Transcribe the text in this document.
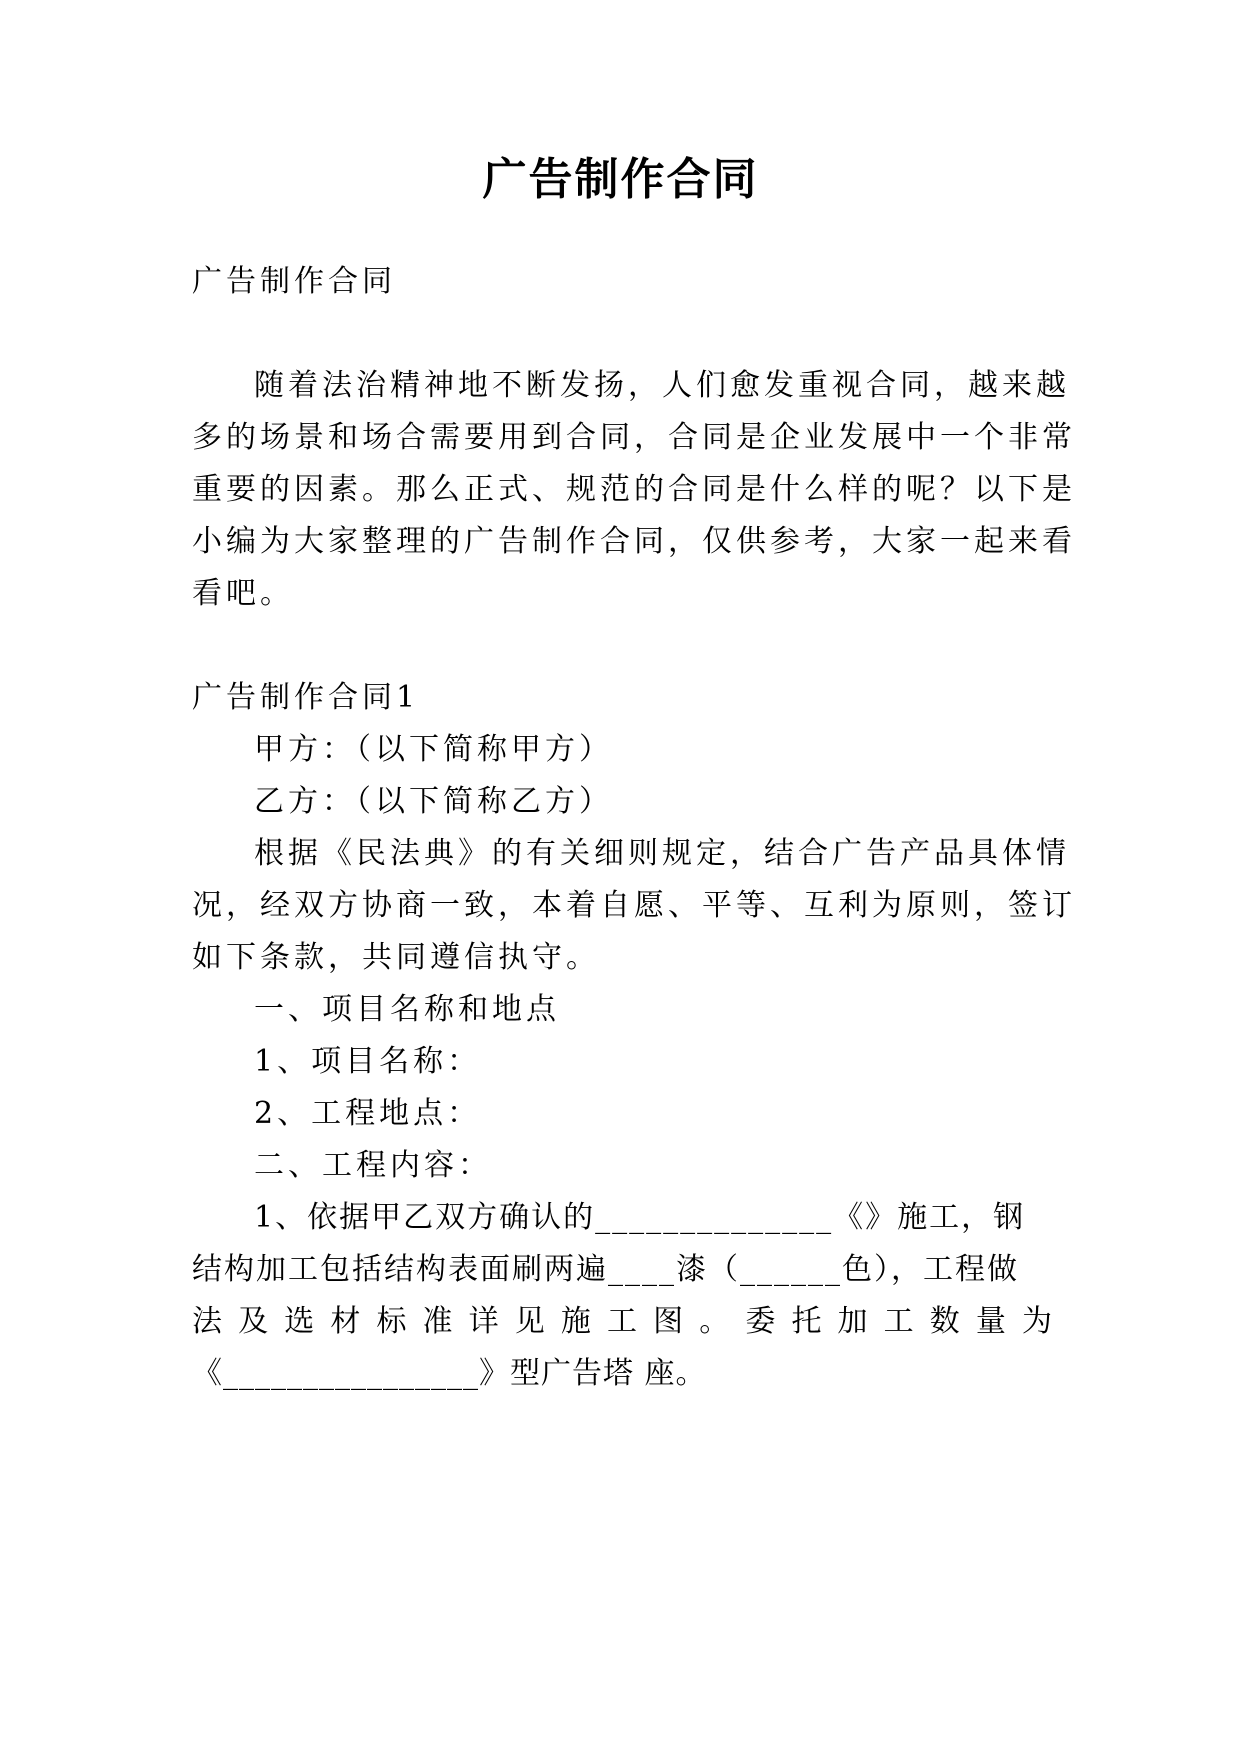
广告制作合同
广告制作合同
随着法治精神地不断发扬，人们愈发重视合同，越来越
多的场景和场合需要用到合同，合同是企业发展中一个非常
重要的因素。那么正式、规范的合同是什么样的呢？以下是
小编为大家整理的广告制作合同，仅供参考，大家一起来看
看吧。
广告制作合同1
甲方：（以下简称甲方）
乙方：（以下简称乙方）
根据《民法典》的有关细则规定，结合广告产品具体情
况，经双方协商一致，本着自愿、平等、互利为原则，签订
如下条款，共同遵信执守。
一、项目名称和地点
1、项目名称：
2、工程地点：
二、工程内容：
1、依据甲乙双方确认的______________《》施工，钢
结构加工包括结构表面刷两遍____漆（______色），工程做
法及选材标准详见施工图。委托加工数量为
《________________》型广告塔 座。
